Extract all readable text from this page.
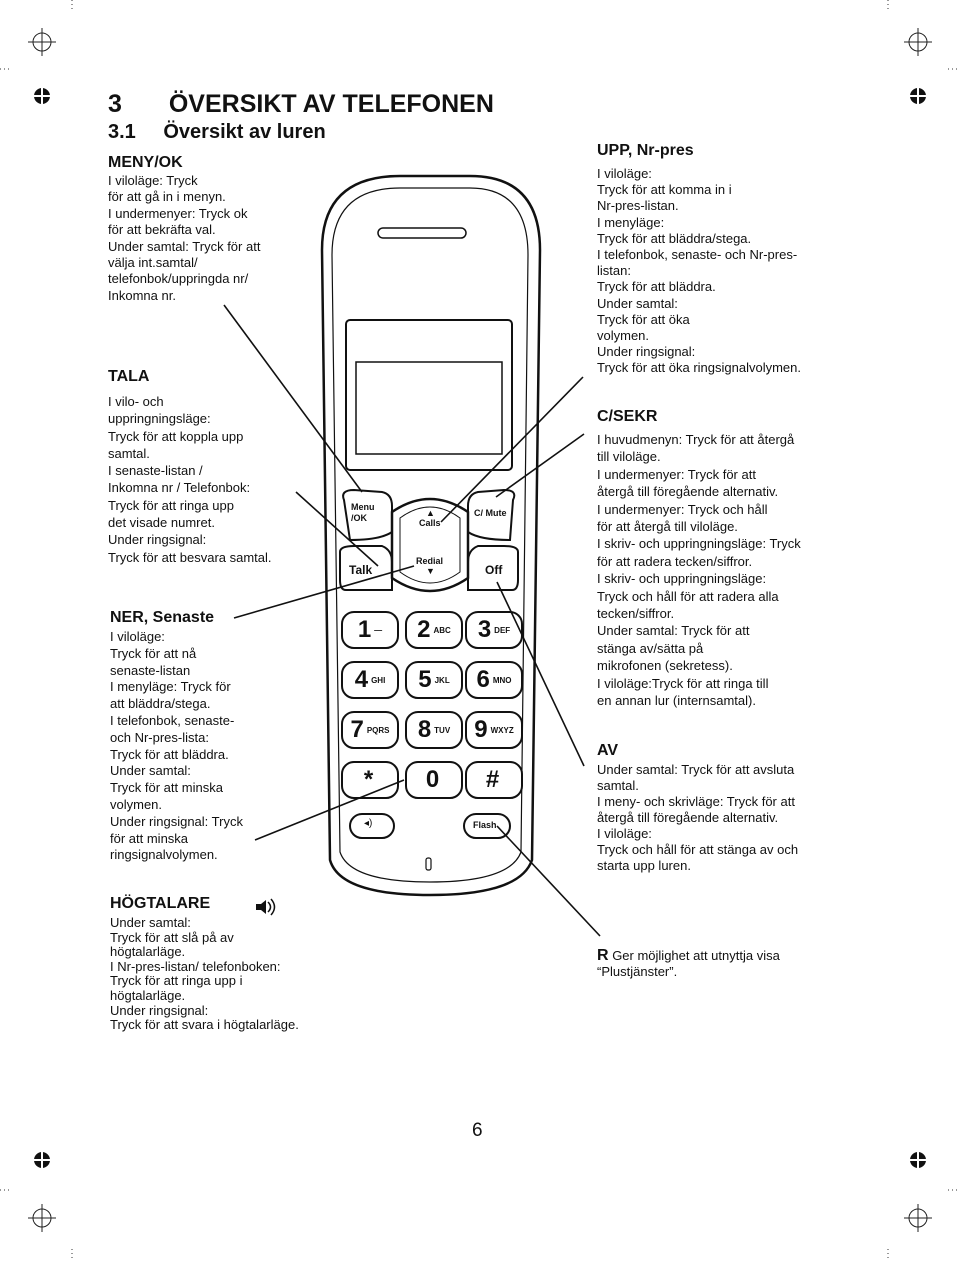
Menu
/OK	Calls
▲
Redial
▼
C/ Mute
Talk	Off
Flash
◂)
1 — 2 ABC 3 DEF
4 GHI 5 JKL 6 MNO
7 PQRS 8 TUV 9 WXYZ
* 0 #
3 ÖVERSIKT AV TELEFONEN
3.1 Översikt av luren
MENY/OK
I viloläge: Tryck
för att gå in i menyn.
I undermenyer: Tryck ok
för att bekräfta val.
Under samtal: Tryck för att
välja int.samtal/
telefonbok/uppringda nr/
Inkomna nr.
TALA
I vilo- och
uppringningsläge:
Tryck för att koppla upp
samtal.
I senaste-listan /
Inkomna nr / Telefonbok:
Tryck för att ringa upp
det visade numret.
Under ringsignal:
Tryck för att besvara samtal.
NER, Senaste
I viloläge:
Tryck för att nå
senaste-listan
I menyläge: Tryck för
att bläddra/stega.
I telefonbok, senaste-
och Nr-pres-lista:
Tryck för att bläddra.
Under samtal:
Tryck för att minska
volymen.
Under ringsignal: Tryck
för att minska
ringsignalvolymen.
HÖGTALARE
Under samtal:
Tryck för att slå på av
högtalarläge.
I Nr-pres-listan/ telefonboken:
Tryck för att ringa upp i
högtalarläge.
Under ringsignal:
Tryck för att svara i högtalarläge.
UPP, Nr-pres
I viloläge:
Tryck för att komma in i
Nr-pres-listan.
I menyläge:
Tryck för att bläddra/stega.
I telefonbok, senaste- och Nr-pres-
listan:
Tryck för att bläddra.
Under samtal:
Tryck för att öka
volymen.
Under ringsignal:
Tryck för att öka ringsignalvolymen.
C/SEKR
I huvudmenyn: Tryck för att återgå
till viloläge.
I undermenyer: Tryck för att
återgå till föregående alternativ.
I undermenyer: Tryck och håll
för att återgå till viloläge.
I skriv- och uppringningsläge: Tryck
för att radera tecken/siffror.
I skriv- och uppringningsläge:
Tryck och håll för att radera alla
tecken/siffror.
Under samtal: Tryck för att
stänga av/sätta på
mikrofonen (sekretess).
I viloläge:Tryck för att ringa till
en annan lur (internsamtal).
AV
Under samtal: Tryck för att avsluta
samtal.
I meny- och skrivläge: Tryck för att
återgå till föregående alternativ.
I viloläge:
Tryck och håll för att stänga av och
starta upp luren.
R Ger möjlighet att utnyttja visa
“Plustjänster”.
6
